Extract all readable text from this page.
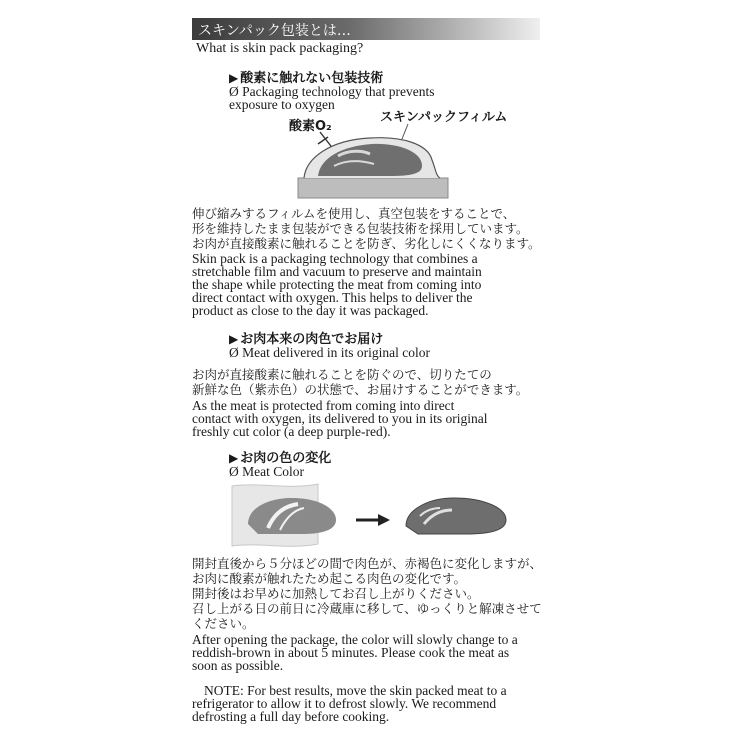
スキンパック包装とは…
What is skin pack packaging?
▶ 酸素に触れない包装技術
Ø Packaging technology that prevents
exposure to oxygen
酸素O₂
スキンパックフィルム
伸び縮みするフィルムを使用し、真空包装をすることで、
形を維持したまま包装ができる包装技術を採用しています。
お肉が直接酸素に触れることを防ぎ、劣化しにくくなります。
Skin pack is a packaging technology that combines a
stretchable film and vacuum to preserve and maintain
the shape while protecting the meat from coming into
direct contact with oxygen. This helps to deliver the
product as close to the day it was packaged.
▶ お肉本来の肉色でお届け
Ø Meat delivered in its original color
お肉が直接酸素に触れることを防ぐので、切りたての
新鮮な色（紫赤色）の状態で、お届けすることができます。
As the meat is protected from coming into direct
contact with oxygen, its delivered to you in its original
freshly cut color (a deep purple-red).
▶ お肉の色の変化
Ø Meat Color
開封直後から５分ほどの間で肉色が、赤褐色に変化しますが、
お肉に酸素が触れたため起こる肉色の変化です。
開封後はお早めに加熱してお召し上がりください。
召し上がる日の前日に冷蔵庫に移して、ゆっくりと解凍させて
ください。
After opening the package, the color will slowly change to a
reddish-brown in about 5 minutes. Please cook the meat as
soon as possible.
NOTE: For best results, move the skin packed meat to a
refrigerator to allow it to defrost slowly. We recommend
defrosting a full day before cooking.
